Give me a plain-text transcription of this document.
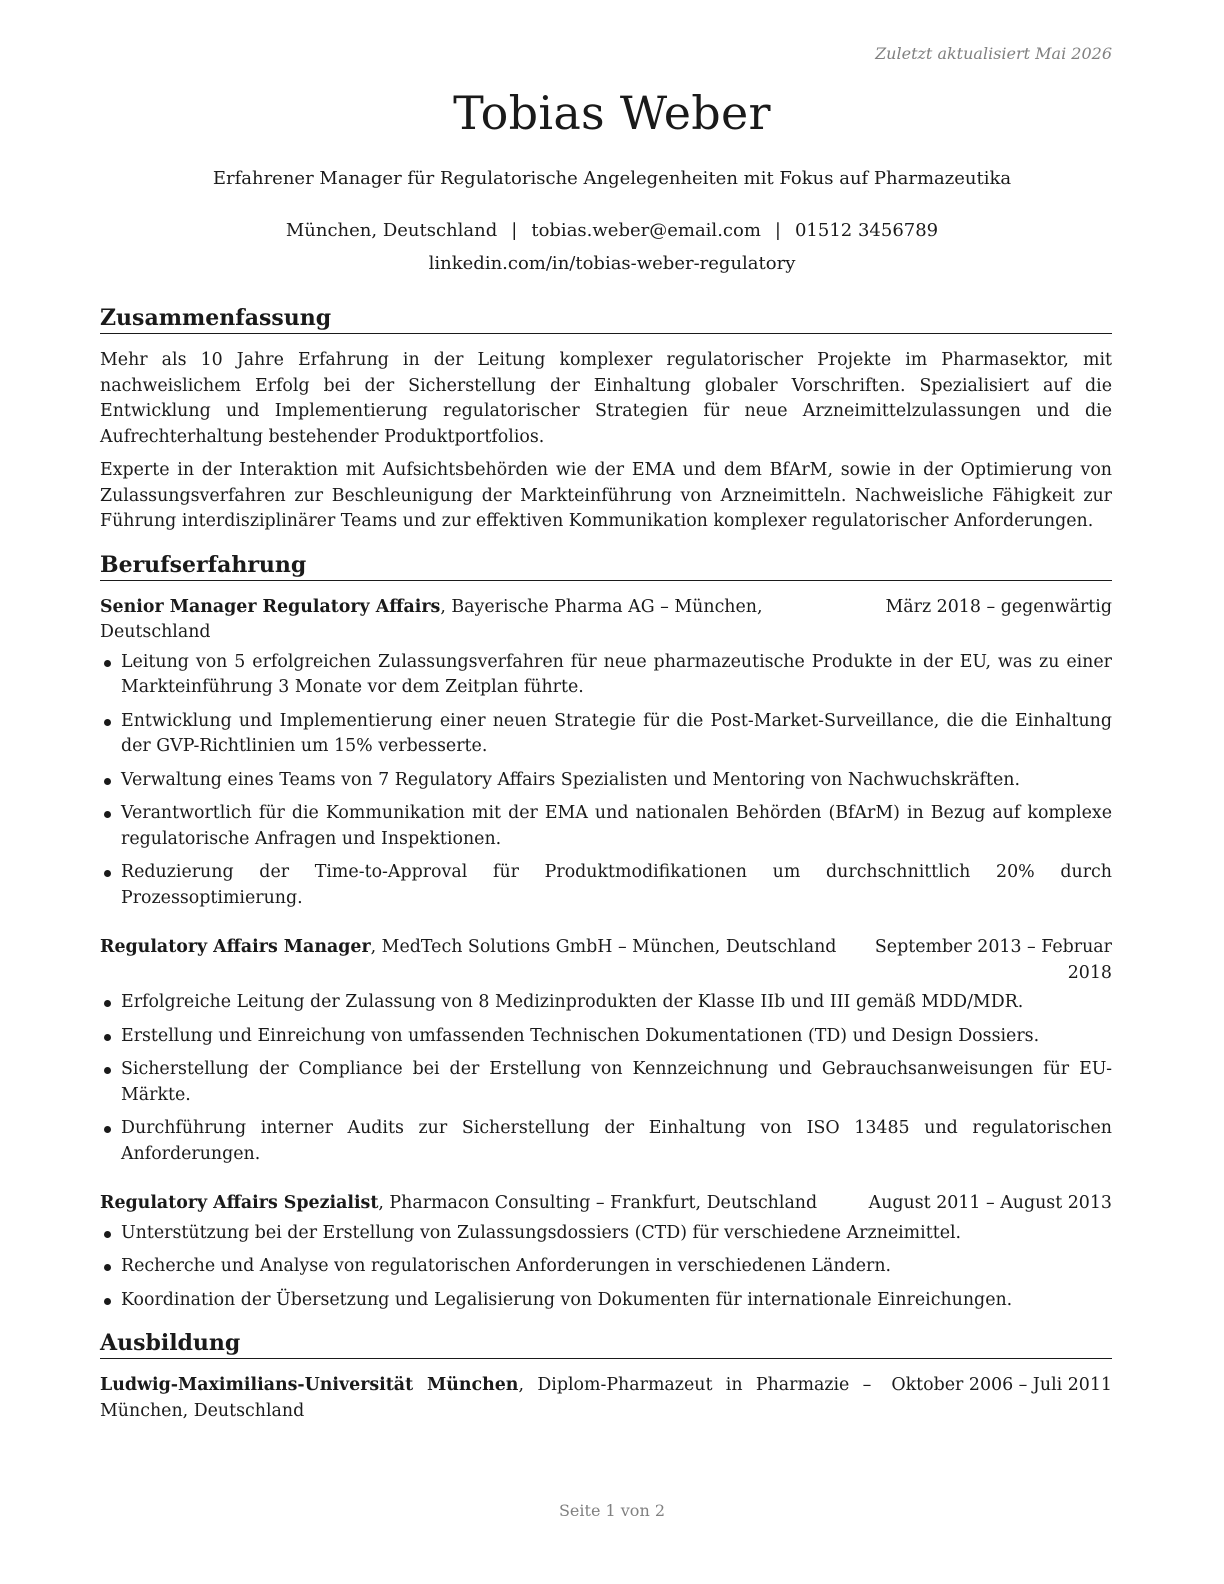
Zuletzt aktualisiert Mai 2026
Tobias Weber
Erfahrener Manager für Regulatorische Angelegenheiten mit Fokus auf Pharmazeutika
München, Deutschland | tobias.weber@email.com | 01512 3456789
linkedin.com/in/tobias-weber-regulatory
Zusammenfassung

Mehr als 10 Jahre Erfahrung in der Leitung komplexer regulatorischer Projekte im Pharmasektor, mit nachweislichem Erfolg bei der Sicherstellung der Einhaltung globaler Vorschriften. Spezialisiert auf die Entwicklung und Implementierung regulatorischer Strategien für neue Arzneimittelzulassungen und die Aufrechterhaltung bestehender Produktportfolios.

Experte in der Interaktion mit Aufsichtsbehörden wie der EMA und dem BfArM, sowie in der Optimierung von Zulassungsverfahren zur Beschleunigung der Markteinführung von Arzneimitteln. Nachweisliche Fähigkeit zur Führung interdisziplinärer Teams und zur effektiven Kommunikation komplexer regulatorischer Anforderungen.

Berufserfahrung
Senior Manager Regulatory Affairs, Bayerische Pharma AG – München, Deutschland
März 2018 – gegenwärtig
Leitung von 5 erfolgreichen Zulassungsverfahren für neue pharmazeutische Produkte in der EU, was zu einer Markteinführung 3 Monate vor dem Zeitplan führte.
Entwicklung und Implementierung einer neuen Strategie für die Post-Market-Surveillance, die die Einhaltung der GVP-Richtlinien um 15% verbesserte.
Verwaltung eines Teams von 7 Regulatory Affairs Spezialisten und Mentoring von Nachwuchskräften.
Verantwortlich für die Kommunikation mit der EMA und nationalen Behörden (BfArM) in Bezug auf komplexe regulatorische Anfragen und Inspektionen.
Reduzierung der Time-to-Approval für Produktmodifikationen um durchschnittlich 20% durch Prozessoptimierung.
Regulatory Affairs Manager, MedTech Solutions GmbH – München, Deutschland	September 2013 – Februar 2018
Erfolgreiche Leitung der Zulassung von 8 Medizinprodukten der Klasse IIb und III gemäß MDD/MDR.
Erstellung und Einreichung von umfassenden Technischen Dokumentationen (TD) und Design Dossiers.
Sicherstellung der Compliance bei der Erstellung von Kennzeichnung und Gebrauchsanweisungen für EU-Märkte.
Durchführung interner Audits zur Sicherstellung der Einhaltung von ISO 13485 und regulatorischen Anforderungen.
Regulatory Affairs Spezialist, Pharmacon Consulting – Frankfurt, Deutschland	August 2011 – August 2013
Unterstützung bei der Erstellung von Zulassungsdossiers (CTD) für verschiedene Arzneimittel.
Recherche und Analyse von regulatorischen Anforderungen in verschiedenen Ländern.
Koordination der Übersetzung und Legalisierung von Dokumenten für internationale Einreichungen.
Ausbildung
Ludwig-Maximilians-Universität München, Diplom-Pharmazeut in Pharmazie – München, Deutschland
Oktober 2006 – Juli 2011
Seite 1 von 2
